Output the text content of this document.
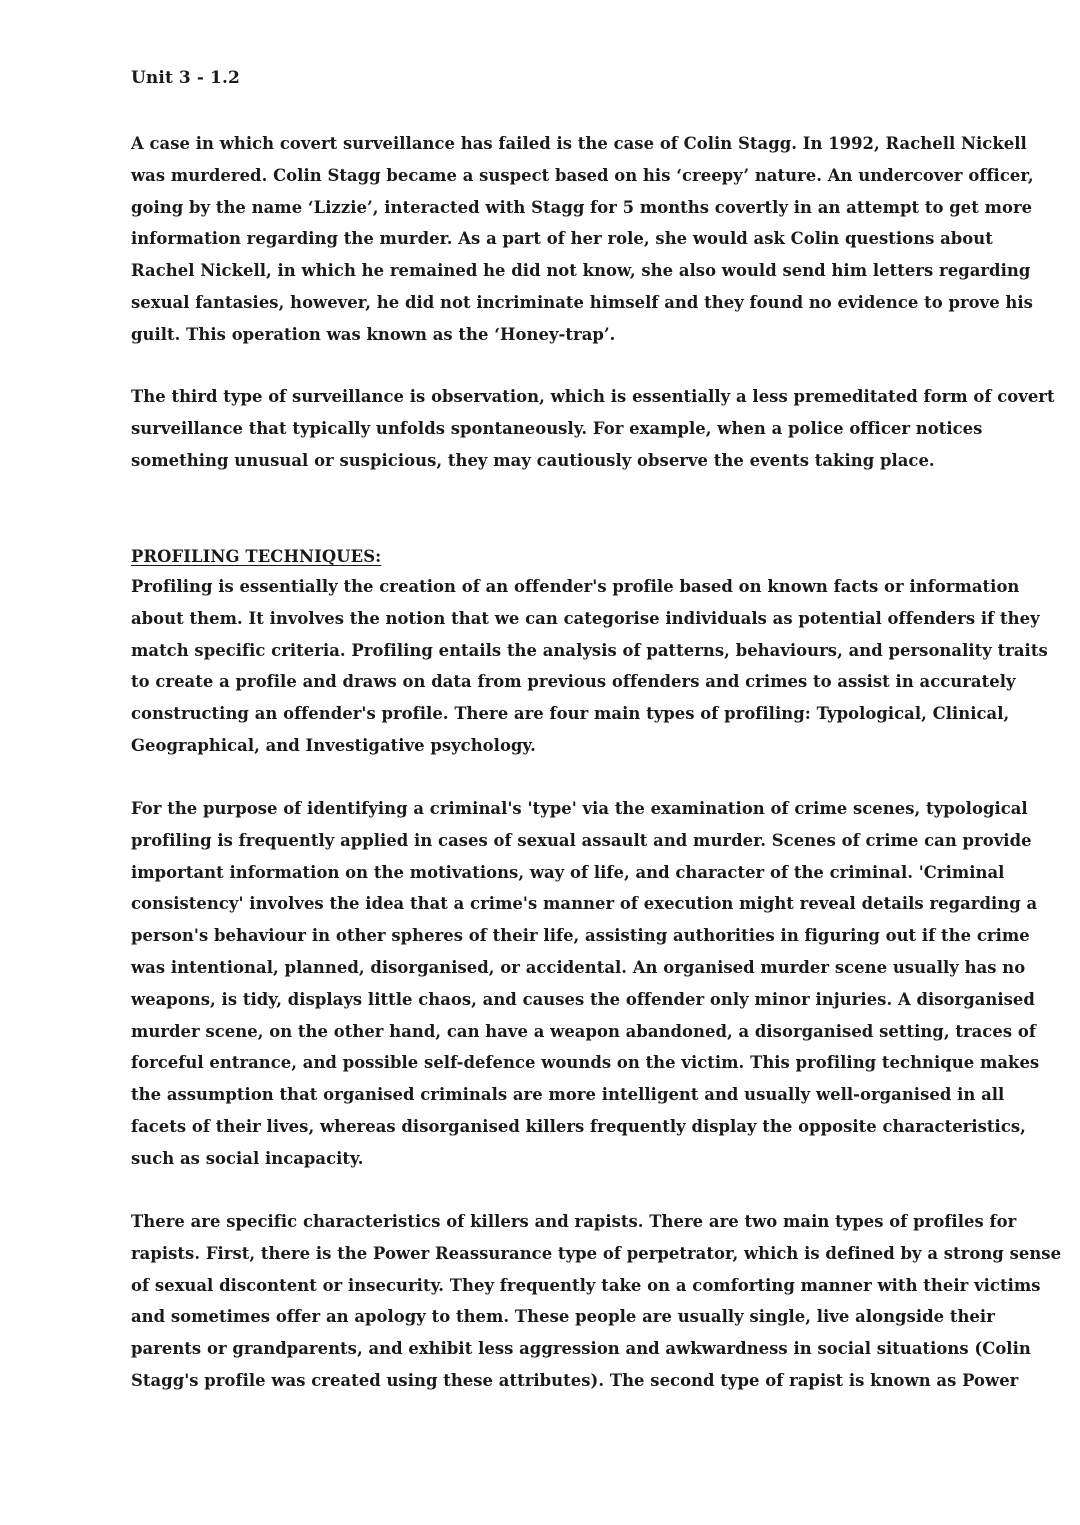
Unit 3 - 1.2
A case in which covert surveillance has failed is the case of Colin Stagg. In 1992, Rachell Nickell
was murdered. Colin Stagg became a suspect based on his ‘creepy’ nature. An undercover officer,
going by the name ‘Lizzie’, interacted with Stagg for 5 months covertly in an attempt to get more
information regarding the murder. As a part of her role, she would ask Colin questions about
Rachel Nickell, in which he remained he did not know, she also would send him letters regarding
sexual fantasies, however, he did not incriminate himself and they found no evidence to prove his
guilt. This operation was known as the ‘Honey-trap’.
The third type of surveillance is observation, which is essentially a less premeditated form of covert
surveillance that typically unfolds spontaneously. For example, when a police officer notices
something unusual or suspicious, they may cautiously observe the events taking place.
PROFILING TECHNIQUES:
Profiling is essentially the creation of an offender's profile based on known facts or information
about them. It involves the notion that we can categorise individuals as potential offenders if they
match specific criteria. Profiling entails the analysis of patterns, behaviours, and personality traits
to create a profile and draws on data from previous offenders and crimes to assist in accurately
constructing an offender's profile. There are four main types of profiling: Typological, Clinical,
Geographical, and Investigative psychology.
For the purpose of identifying a criminal's 'type' via the examination of crime scenes, typological
profiling is frequently applied in cases of sexual assault and murder. Scenes of crime can provide
important information on the motivations, way of life, and character of the criminal. 'Criminal
consistency' involves the idea that a crime's manner of execution might reveal details regarding a
person's behaviour in other spheres of their life, assisting authorities in figuring out if the crime
was intentional, planned, disorganised, or accidental. An organised murder scene usually has no
weapons, is tidy, displays little chaos, and causes the offender only minor injuries. A disorganised
murder scene, on the other hand, can have a weapon abandoned, a disorganised setting, traces of
forceful entrance, and possible self-defence wounds on the victim. This profiling technique makes
the assumption that organised criminals are more intelligent and usually well-organised in all
facets of their lives, whereas disorganised killers frequently display the opposite characteristics,
such as social incapacity.
There are specific characteristics of killers and rapists. There are two main types of profiles for
rapists. First, there is the Power Reassurance type of perpetrator, which is defined by a strong sense
of sexual discontent or insecurity. They frequently take on a comforting manner with their victims
and sometimes offer an apology to them. These people are usually single, live alongside their
parents or grandparents, and exhibit less aggression and awkwardness in social situations (Colin
Stagg's profile was created using these attributes). The second type of rapist is known as Power
